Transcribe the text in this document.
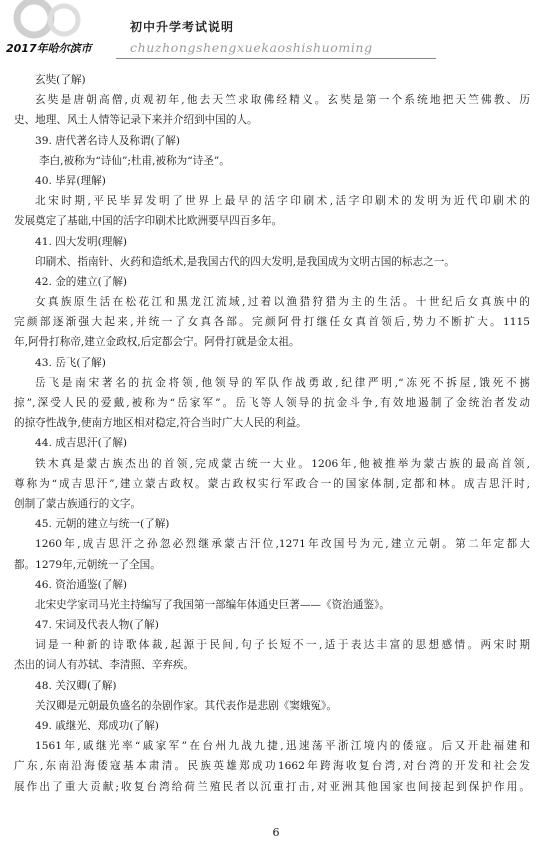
初中升学考试说明
2017年哈尔滨市	chuzhongshengxuekaoshishuoming
玄奘(了解)
玄奘是唐朝高僧,贞观初年,他去天竺求取佛经精义。玄奘是第一个系统地把天竺佛教、历
史、地理、风土人情等记录下来并介绍到中国的人。
39. 唐代著名诗人及称谓(了解)
李白,被称为“诗仙”;杜甫,被称为“诗圣”。
40. 毕昇(理解)
北宋时期,平民毕昇发明了世界上最早的活字印刷术,活字印刷术的发明为近代印刷术的
发展奠定了基础,中国的活字印刷术比欧洲要早四百多年。
41. 四大发明(理解)
印刷术、指南针、火药和造纸术,是我国古代的四大发明,是我国成为文明古国的标志之一。
42. 金的建立(了解)
女真族原生活在松花江和黑龙江流域,过着以渔猎狩猎为主的生活。十世纪后女真族中的
完颜部逐渐强大起来,并统一了女真各部。完颜阿骨打继任女真首领后,势力不断扩大。1115
年,阿骨打称帝,建立金政权,后定都会宁。阿骨打就是金太祖。
43. 岳飞(了解)
岳飞是南宋著名的抗金将领,他领导的军队作战勇敢,纪律严明,“冻死不拆屋,饿死不掳
掠”,深受人民的爱戴,被称为“岳家军”。岳飞等人领导的抗金斗争,有效地遏制了金统治者发动
的掠夺性战争,使南方地区相对稳定,符合当时广大人民的利益。
44. 成吉思汗(了解)
铁木真是蒙古族杰出的首领,完成蒙古统一大业。1206年,他被推举为蒙古族的最高首领,
尊称为“成吉思汗”,建立蒙古政权。蒙古政权实行军政合一的国家体制,定都和林。成吉思汗时,
创制了蒙古族通行的文字。
45. 元朝的建立与统一(了解)
1260年,成吉思汗之孙忽必烈继承蒙古汗位,1271年改国号为元,建立元朝。第二年定都大
都。1279年,元朝统一了全国。
46. 资治通鉴(了解)
北宋史学家司马光主持编写了我国第一部编年体通史巨著——《资治通鉴》。
47. 宋词及代表人物(了解)
词是一种新的诗歌体裁,起源于民间,句子长短不一,适于表达丰富的思想感情。两宋时期
杰出的词人有苏轼、李清照、辛弃疾。
48. 关汉卿(了解)
关汉卿是元朝最负盛名的杂剧作家。其代表作是悲剧《窦娥冤》。
49. 戚继光、郑成功(了解)
1561年,戚继光率“戚家军”在台州九战九捷,迅速荡平浙江境内的倭寇。后又开赴福建和
广东,东南沿海倭寇基本肃清。民族英雄郑成功1662年跨海收复台湾,对台湾的开发和社会发
展作出了重大贡献;收复台湾给荷兰殖民者以沉重打击,对亚洲其他国家也间接起到保护作用。
6
